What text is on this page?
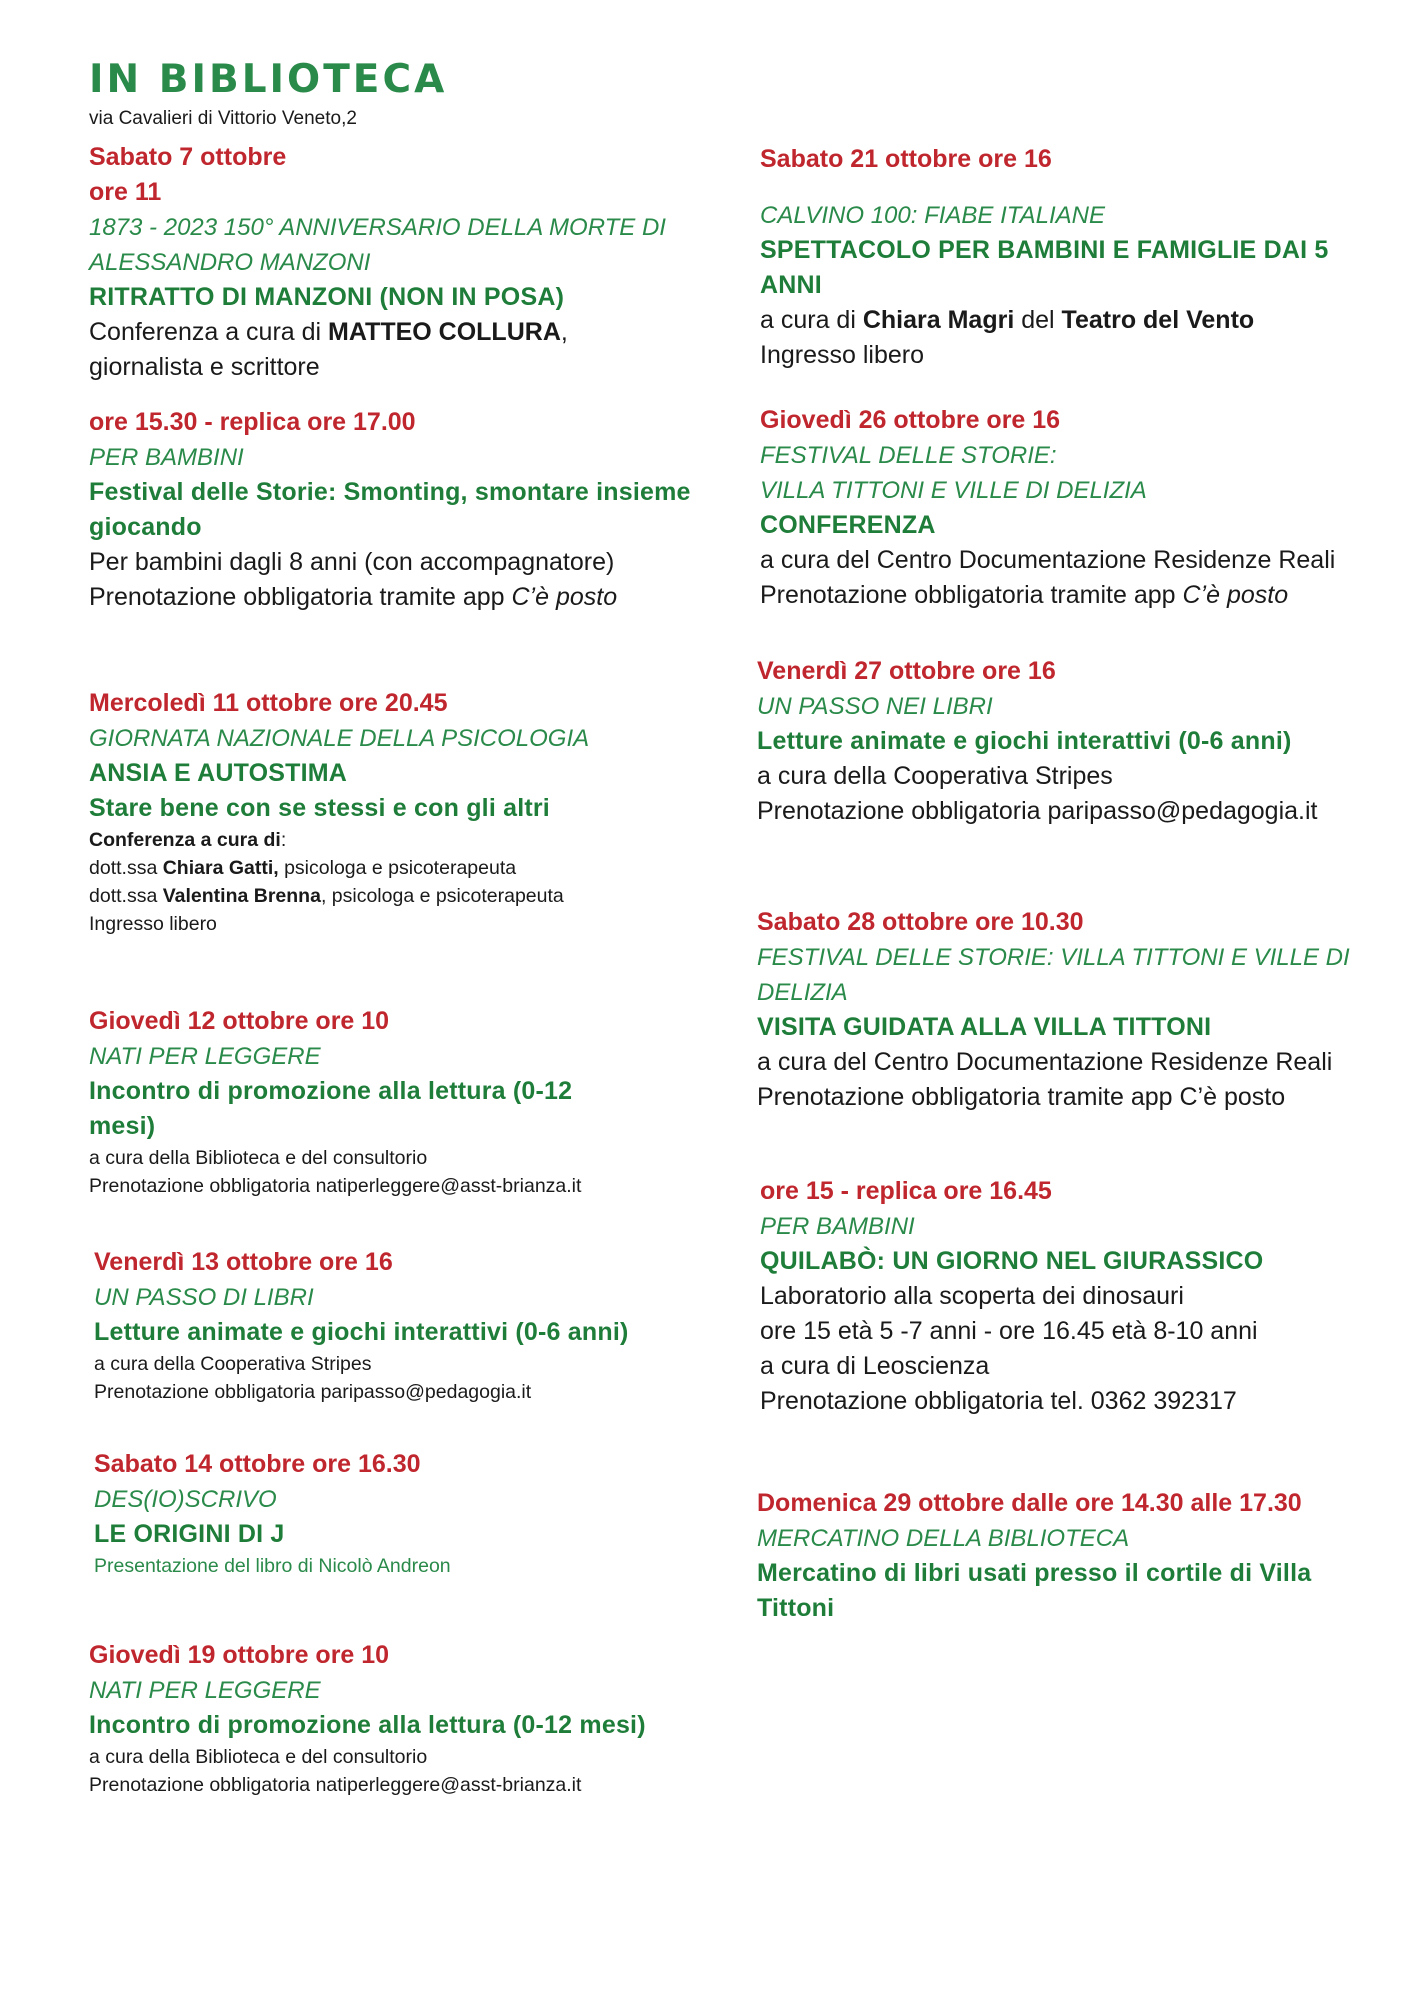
IN BIBLIOTECA
via Cavalieri di Vittorio Veneto,2
Sabato 7 ottobre
ore 11
1873 - 2023 150° ANNIVERSARIO DELLA MORTE DI
ALESSANDRO MANZONI
RITRATTO DI MANZONI (NON IN POSA)
Conferenza a cura di MATTEO COLLURA,
giornalista e scrittore
ore 15.30 - replica ore 17.00
PER BAMBINI
Festival delle Storie: Smonting, smontare insieme
giocando
Per bambini dagli 8 anni (con accompagnatore)
Prenotazione obbligatoria tramite app C’è posto
Mercoledì 11 ottobre ore 20.45
GIORNATA NAZIONALE DELLA PSICOLOGIA
ANSIA E AUTOSTIMA
Stare bene con se stessi e con gli altri
Conferenza a cura di:
dott.ssa Chiara Gatti, psicologa e psicoterapeuta
dott.ssa Valentina Brenna, psicologa e psicoterapeuta
Ingresso libero
Giovedì 12 ottobre ore 10
NATI PER LEGGERE
Incontro di promozione alla lettura (0-12
mesi)
a cura della Biblioteca e del consultorio
Prenotazione obbligatoria natiperleggere@asst-brianza.it
Venerdì 13 ottobre ore 16
UN PASSO DI LIBRI
Letture animate e giochi interattivi (0-6 anni)
a cura della Cooperativa Stripes
Prenotazione obbligatoria paripasso@pedagogia.it
Sabato 14 ottobre ore 16.30
DES(IO)SCRIVO
LE ORIGINI DI J
Presentazione del libro di Nicolò Andreon
Giovedì 19 ottobre ore 10
NATI PER LEGGERE
Incontro di promozione alla lettura (0-12 mesi)
a cura della Biblioteca e del consultorio
Prenotazione obbligatoria natiperleggere@asst-brianza.it
Sabato 21 ottobre ore 16
CALVINO 100: FIABE ITALIANE
SPETTACOLO PER BAMBINI E FAMIGLIE DAI 5
ANNI
a cura di Chiara Magri del Teatro del Vento
Ingresso libero
Giovedì 26 ottobre ore 16
FESTIVAL DELLE STORIE:
VILLA TITTONI E VILLE DI DELIZIA
CONFERENZA
a cura del Centro Documentazione Residenze Reali
Prenotazione obbligatoria tramite app C’è posto
Venerdì 27 ottobre ore 16
UN PASSO NEI LIBRI
Letture animate e giochi interattivi (0-6 anni)
a cura della Cooperativa Stripes
Prenotazione obbligatoria paripasso@pedagogia.it
Sabato 28 ottobre ore 10.30
FESTIVAL DELLE STORIE: VILLA TITTONI E VILLE DI
DELIZIA
VISITA GUIDATA ALLA VILLA TITTONI
a cura del Centro Documentazione Residenze Reali
Prenotazione obbligatoria tramite app C’è posto
ore 15 - replica ore 16.45
PER BAMBINI
QUILABÒ: UN GIORNO NEL GIURASSICO
Laboratorio alla scoperta dei dinosauri
ore 15 età 5 -7 anni - ore 16.45 età 8-10 anni
a cura di Leoscienza
Prenotazione obbligatoria tel. 0362 392317
Domenica 29 ottobre dalle ore 14.30 alle 17.30
MERCATINO DELLA BIBLIOTECA
Mercatino di libri usati presso il cortile di Villa
Tittoni
